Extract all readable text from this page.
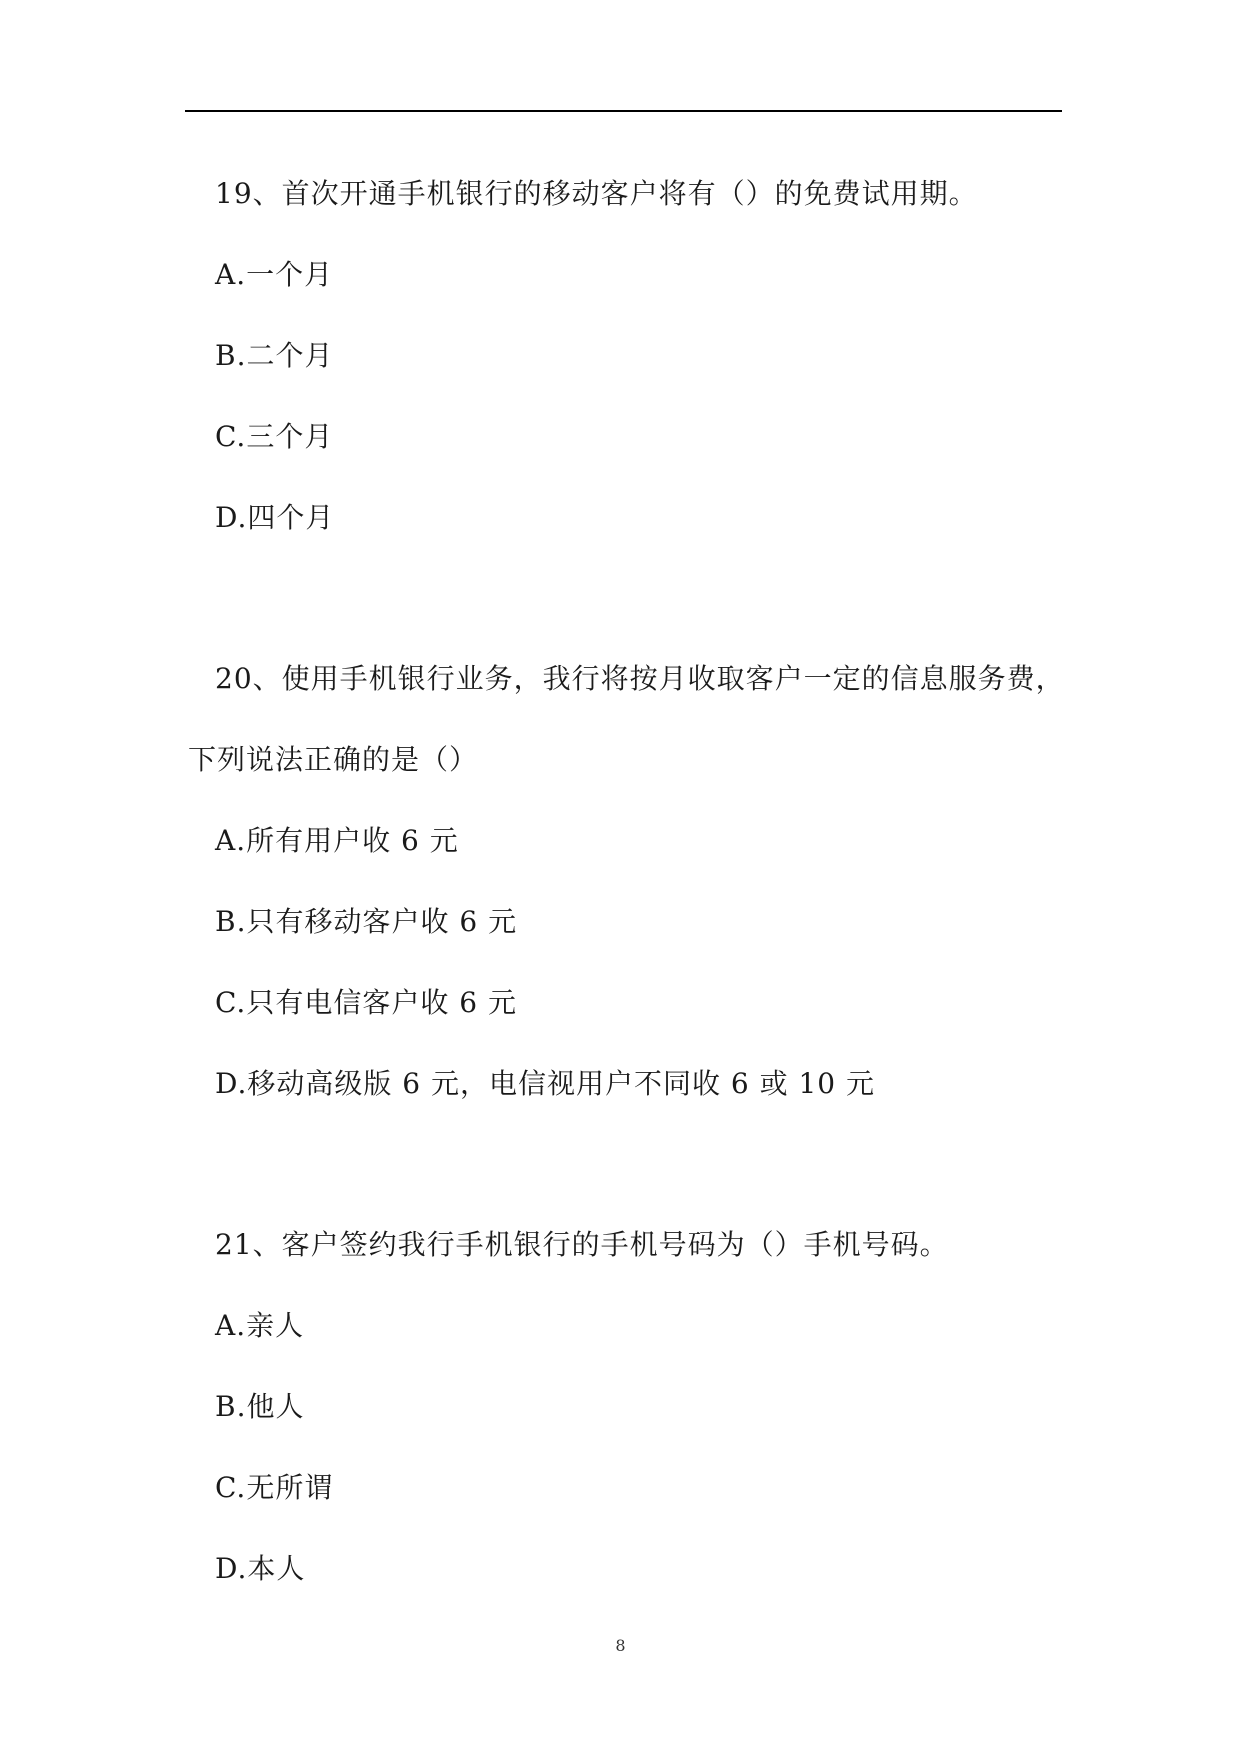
19、首次开通手机银行的移动客户将有（）的免费试用期。
A.一个月
B.二个月
C.三个月
D.四个月
20、使用手机银行业务，我行将按月收取客户一定的信息服务费，
下列说法正确的是（）
A.所有用户收 6 元
B.只有移动客户收 6 元
C.只有电信客户收 6 元
D.移动高级版 6 元，电信视用户不同收 6 或 10 元
21、客户签约我行手机银行的手机号码为（）手机号码。
A.亲人
B.他人
C.无所谓
D.本人
8
